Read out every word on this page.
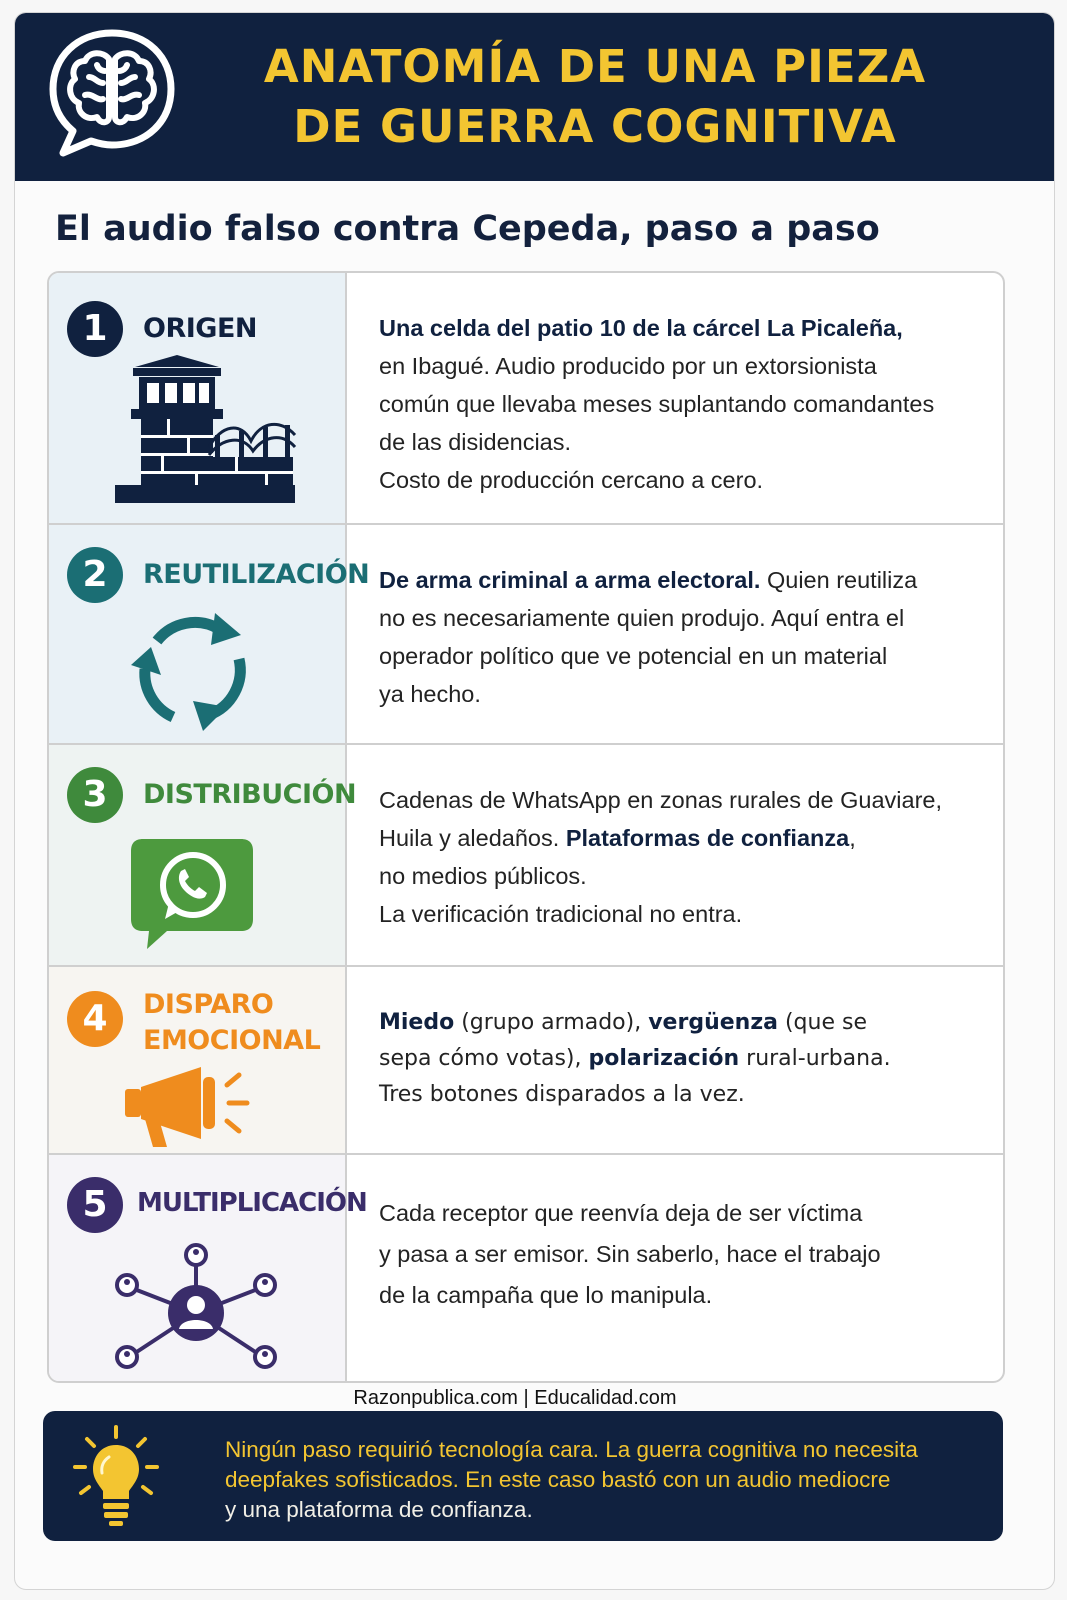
ANATOMÍA DE UNA PIEZA
DE GUERRA COGNITIVA
El audio falso contra Cepeda, paso a paso
1	ORIGEN	Una celda del patio 10 de la cárcel La Picaleña,
en Ibagué. Audio producido por un extorsionista
común que llevaba meses suplantando comandantes
de las disidencias.

Costo de producción cercano a cero.

2	REUTILIZACIÓN De arma criminal a arma electoral. Quien reutiliza
no es necesariamente quien produjo. Aquí entra el
operador político que ve potencial en un material
ya hecho.

3	DISTRIBUCIÓN Cadenas de WhatsApp en zonas rurales de Guaviare,
Huila y aledaños. Plataformas de confianza,
no medios públicos.

La verificación tradicional no entra.

4	DISPARO
EMOCIONAL

Miedo (grupo armado), vergüenza (que se
sepa cómo votas), polarización rural-urbana.

Tres botones disparados a la vez.

5	MULTIPLICACIÓN Cada receptor que reenvía deja de ser víctima
y pasa a ser emisor. Sin saberlo, hace el trabajo
de la campaña que lo manipula.

Razonpublica.com | Educalidad.com
Ningún paso requirió tecnología cara. La guerra cognitiva no necesita
deepfakes sofisticados. En este caso bastó con un audio mediocre
y una plataforma de confianza.
